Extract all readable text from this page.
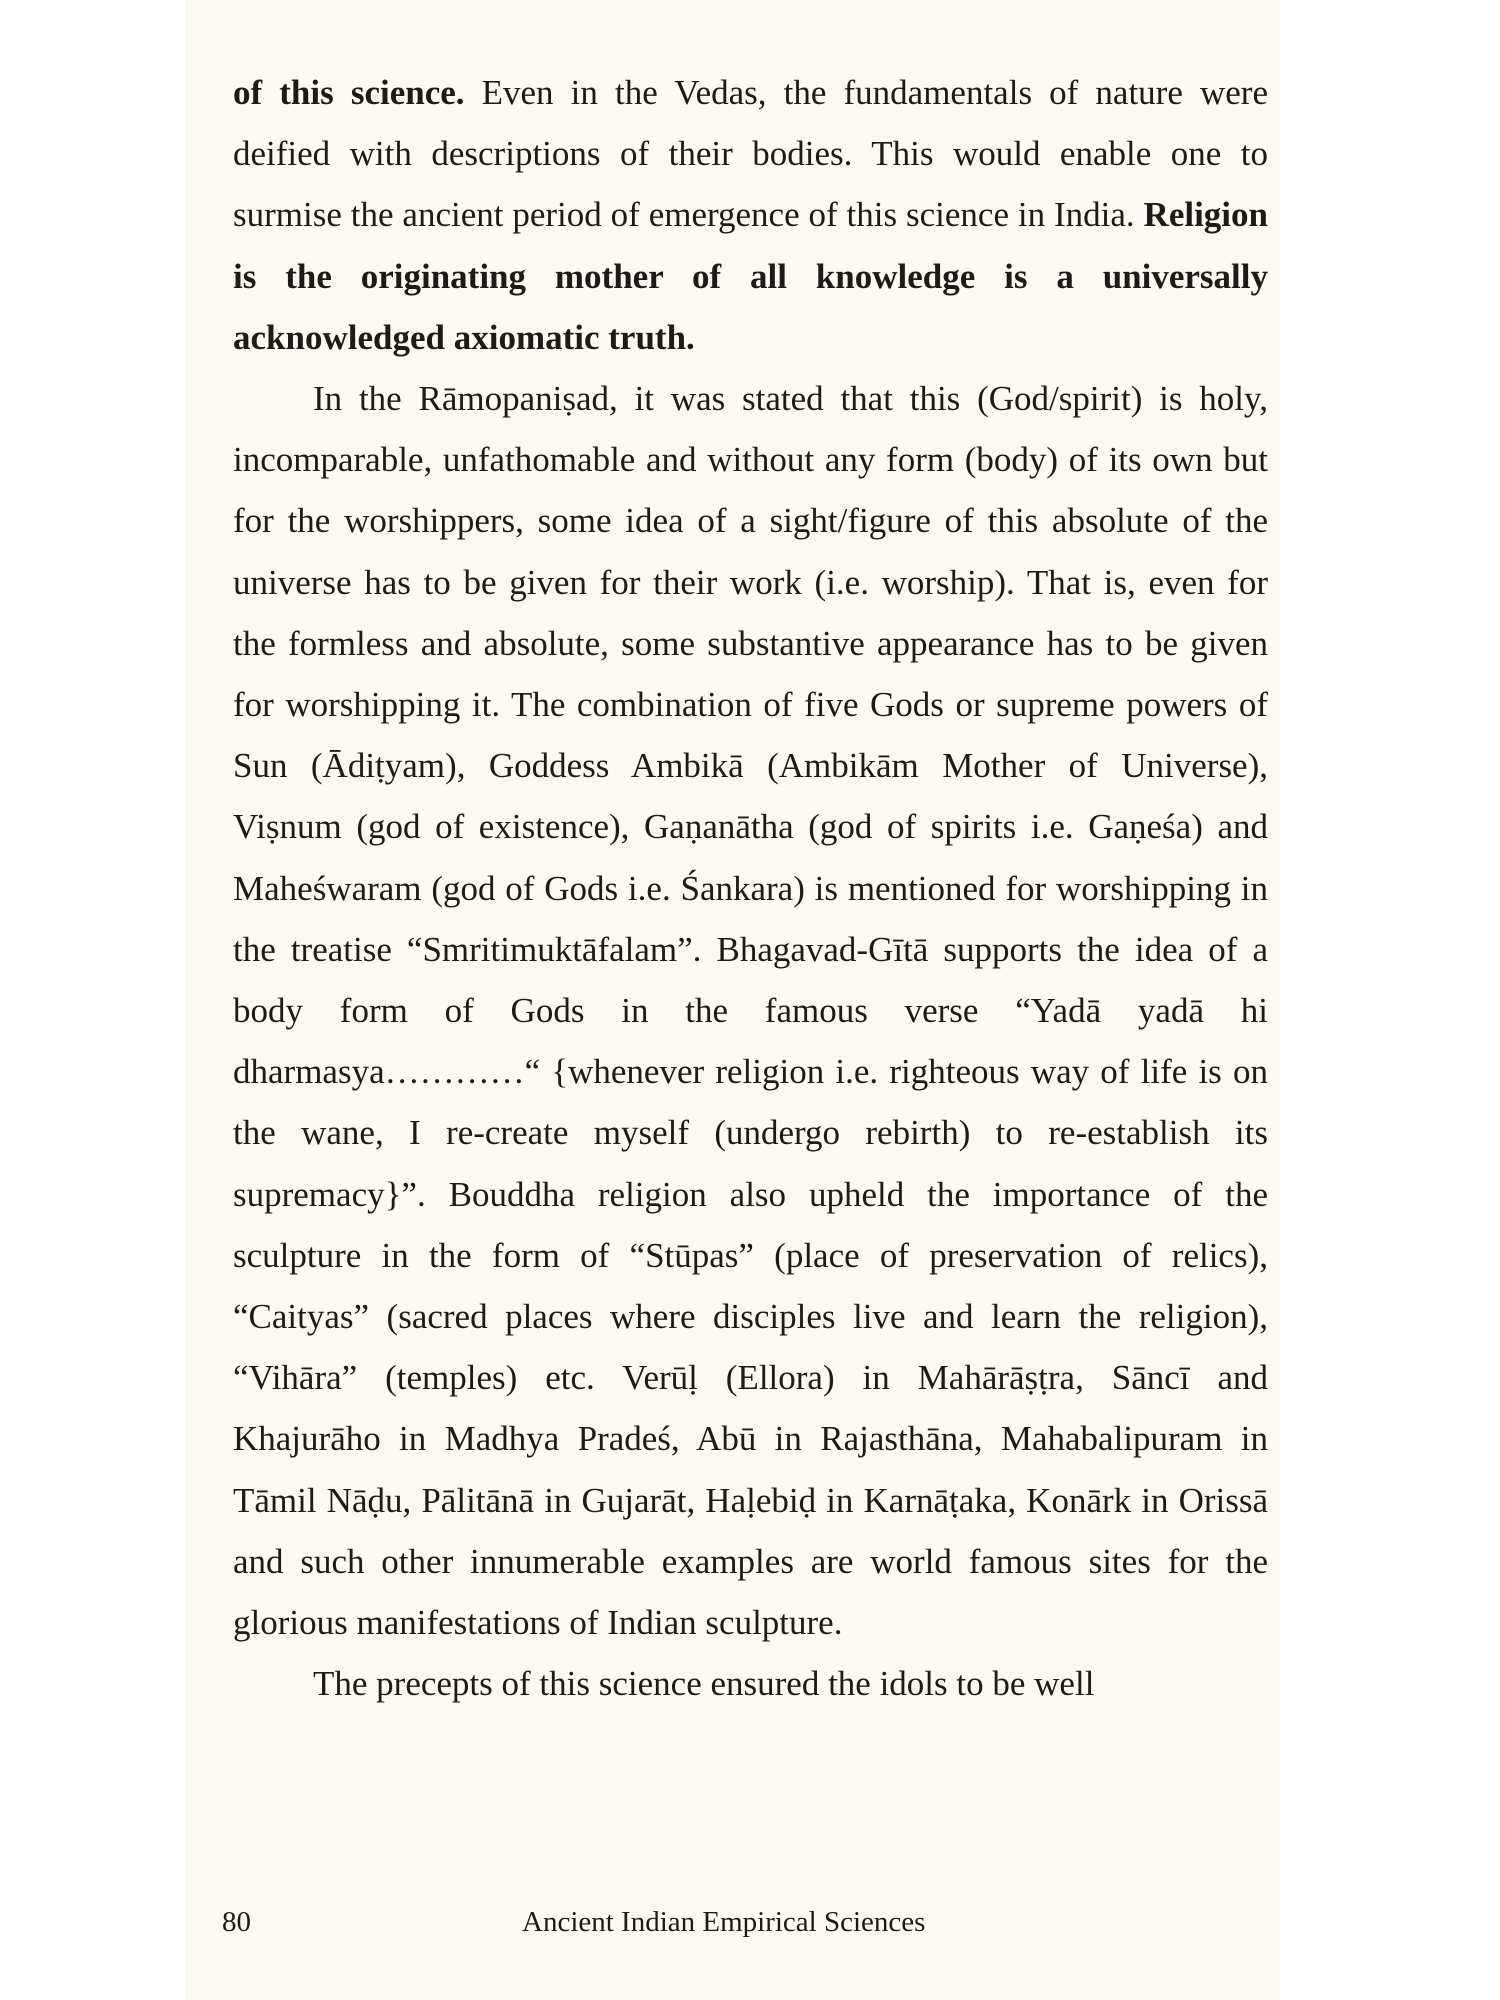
of this science. Even in the Vedas, the fundamentals of nature were deified with descriptions of their bodies. This would enable one to surmise the ancient period of emergence of this science in India. Religion is the originating mother of all knowledge is a universally acknowledged axiomatic truth.

In the Rāmopaniṣad, it was stated that this (God/spirit) is holy, incomparable, unfathomable and without any form (body) of its own but for the worshippers, some idea of a sight/figure of this absolute of the universe has to be given for their work (i.e. worship). That is, even for the formless and absolute, some substantive appearance has to be given for worshipping it. The combination of five Gods or supreme powers of Sun (Ādiṭyam), Goddess Ambikā (Ambikām Mother of Universe), Viṣnum (god of existence), Gaṇanātha (god of spirits i.e. Gaṇeśa) and Maheśwaram (god of Gods i.e. Śankara) is mentioned for worshipping in the treatise “Smritimuktāfalam”. Bhagavad-Gītā supports the idea of a body form of Gods in the famous verse “Yadā yadā hi dharmasya…………“ {whenever religion i.e. righteous way of life is on the wane, I re-create myself (undergo rebirth) to re-establish its supremacy}”. Bouddha religion also upheld the importance of the sculpture in the form of “Stūpas” (place of preservation of relics), “Caityas” (sacred places where disciples live and learn the religion), “Vihāra” (temples) etc. Verūḷ (Ellora) in Mahārāṣṭra, Sāncī and Khajurāho in Madhya Pradeś, Abū in Rajasthāna, Mahabalipuram in Tāmil Nāḍu, Pālitānā in Gujarāt, Haḷebiḍ in Karnāṭaka, Konārk in Orissā and such other innumerable examples are world famous sites for the glorious manifestations of Indian sculpture.

The precepts of this science ensured the idols to be well

80	Ancient Indian Empirical Sciences
